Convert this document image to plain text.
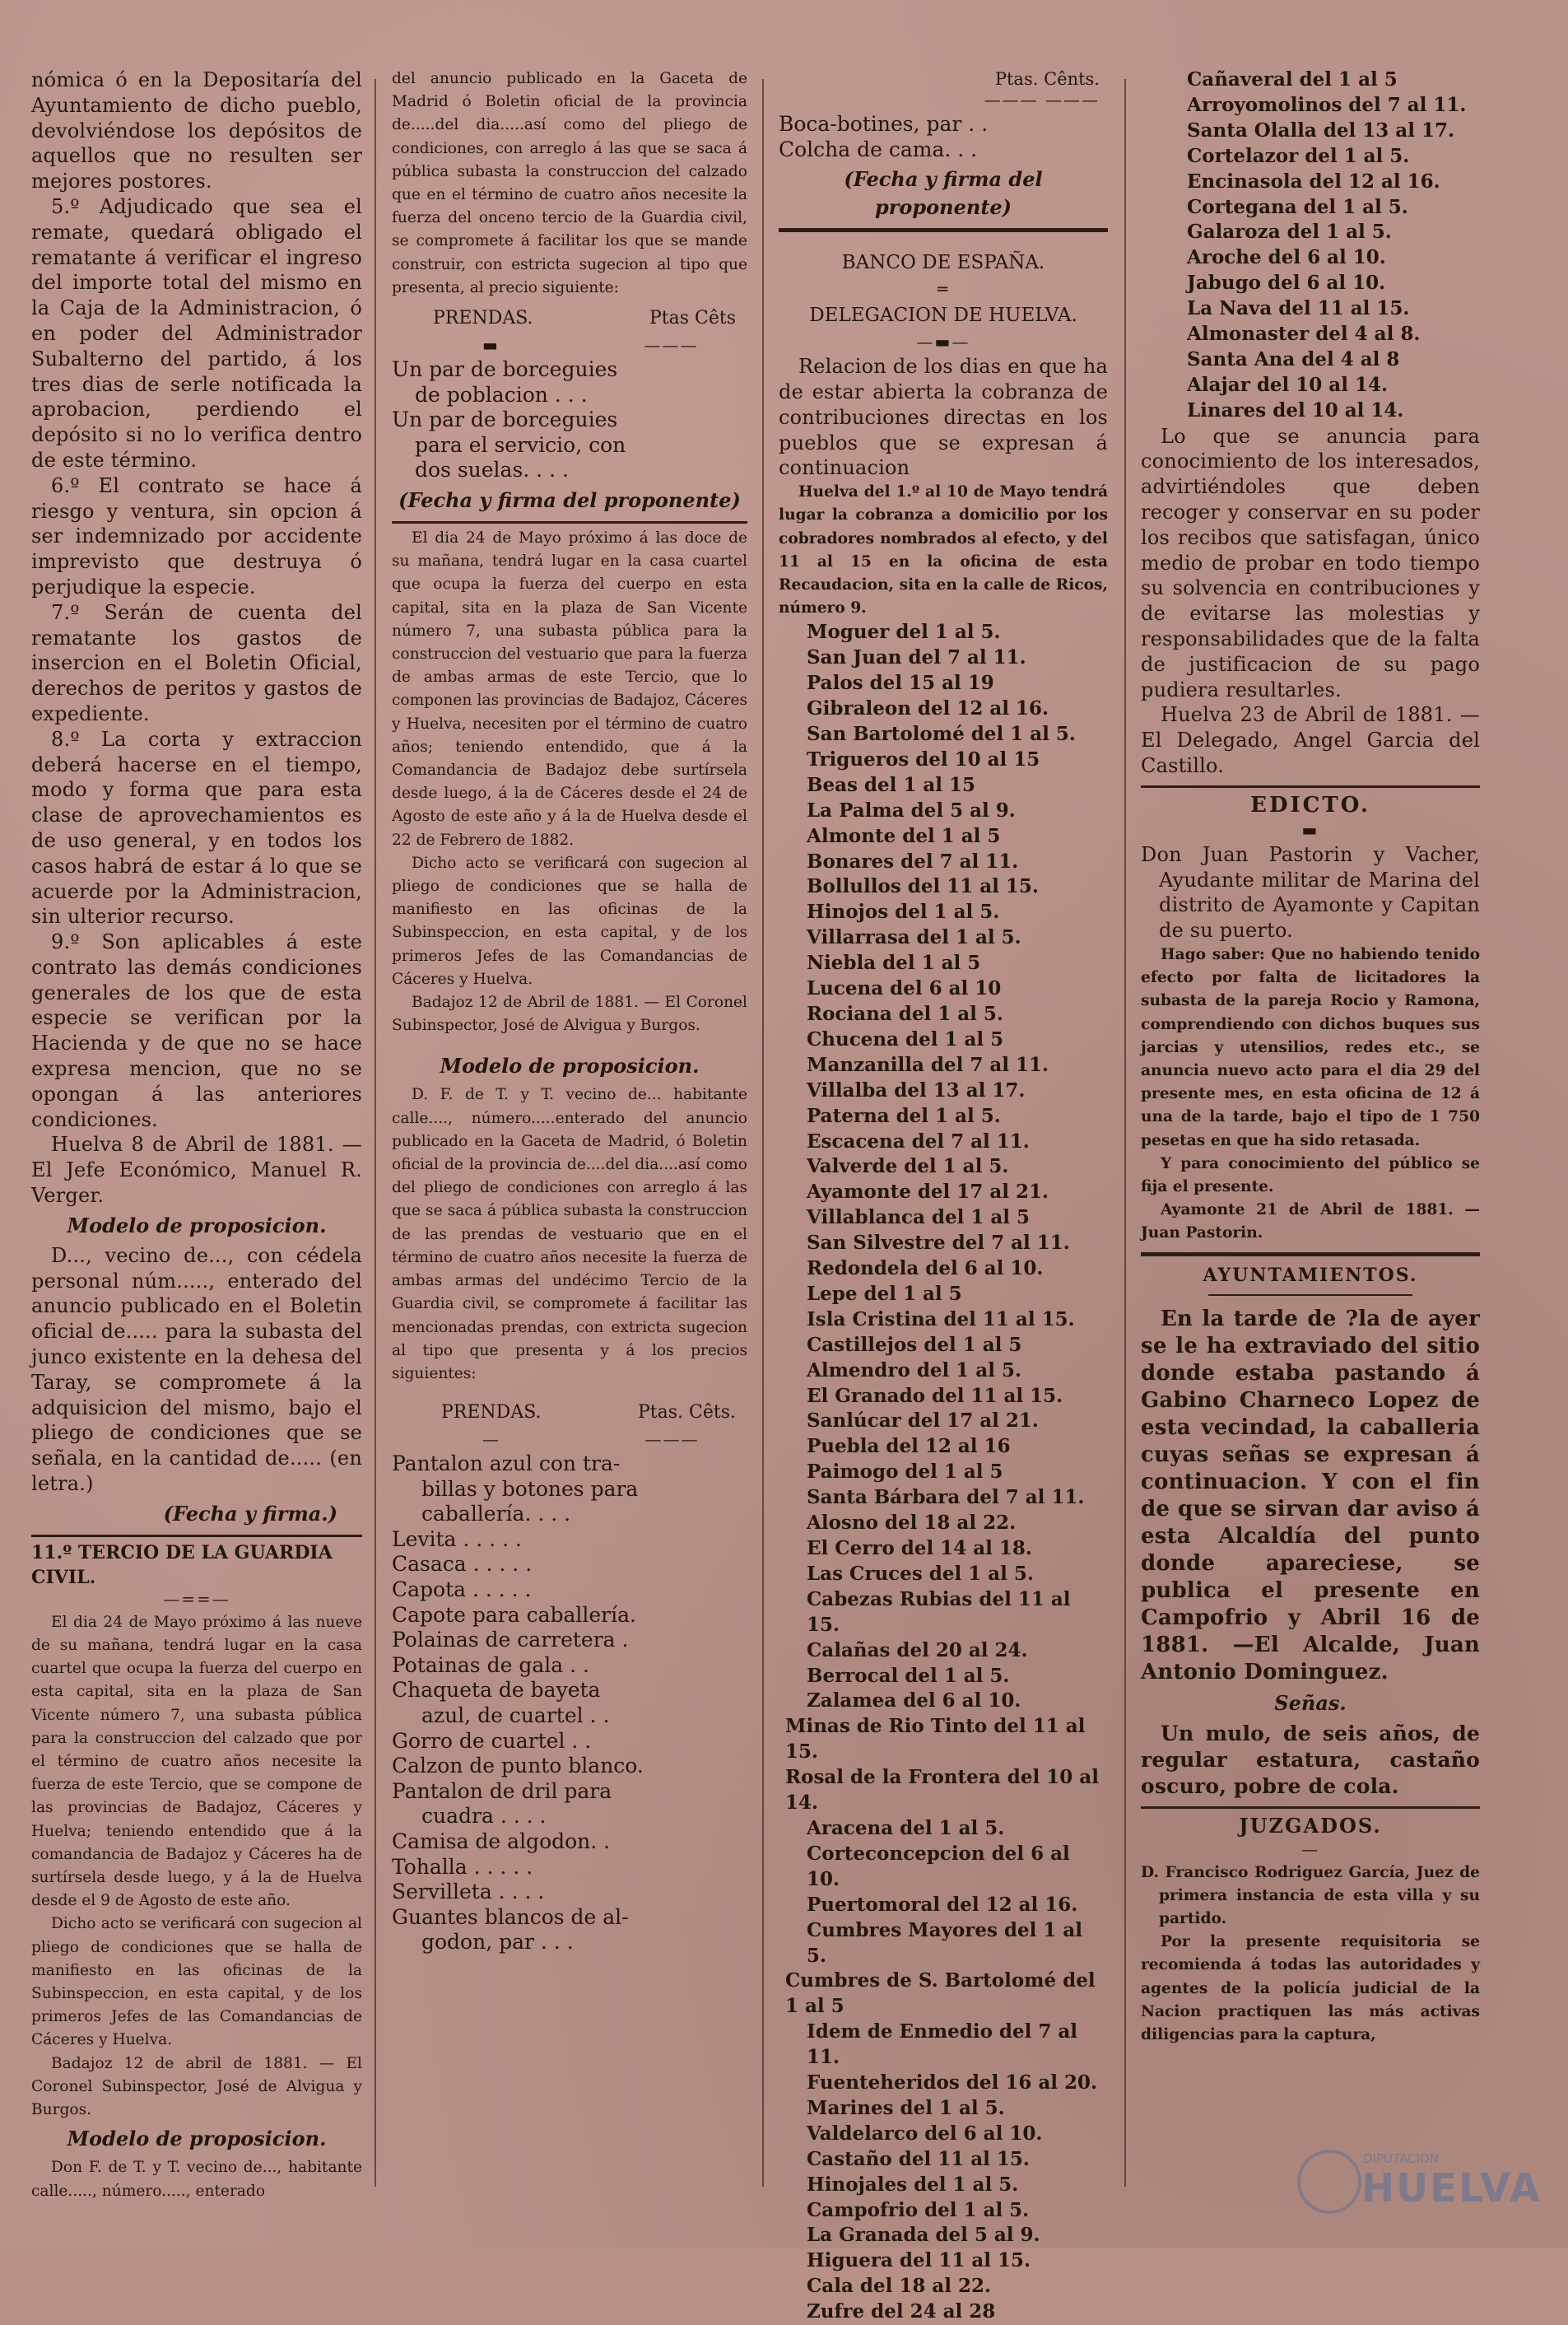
nómica ó en la Depositaría del Ayuntamiento de dicho pueblo, devolviéndose los depósitos de aquellos que no resulten ser mejores postores.

5.º Adjudicado que sea el remate, quedará obligado el rematante á verificar el ingreso del importe total del mismo en la Caja de la Administracion, ó en poder del Administrador Subalterno del partido, á los tres dias de serle notificada la aprobacion, perdiendo el depósito si no lo verifica dentro de este término.

6.º El contrato se hace á riesgo y ventura, sin opcion á ser indemnizado por accidente imprevisto que destruya ó perjudique la especie.

7.º Serán de cuenta del rematante los gastos de insercion en el Boletin Oficial, derechos de peritos y gastos de expediente.

8.º La corta y extraccion deberá hacerse en el tiempo, modo y forma que para esta clase de aprovechamientos es de uso general, y en todos los casos habrá de estar á lo que se acuerde por la Administracion, sin ulterior recurso.

9.º Son aplicables á este contrato las demás condiciones generales de los que de esta especie se verifican por la Hacienda y de que no se hace expresa mencion, que no se opongan á las anteriores condiciones.

Huelva 8 de Abril de 1881. — El Jefe Económico, Manuel R. Verger.

Modelo de proposicion.

D..., vecino de..., con cédela personal núm....., enterado del anuncio publicado en el Boletin oficial de..... para la subasta del junco existente en la dehesa del Taray, se compromete á la adquisicion del mismo, bajo el pliego de condiciones que se señala, en la cantidad de..... (en letra.)

(Fecha y firma.)
11.º TERCIO DE LA GUARDIA CIVIL.
—==—

El dia 24 de Mayo próximo á las nueve de su mañana, tendrá lugar en la casa cuartel que ocupa la fuerza del cuerpo en esta capital, sita en la plaza de San Vicente número 7, una subasta pública para la construccion del calzado que por el término de cuatro años necesite la fuerza de este Tercio, que se compone de las provincias de Badajoz, Cáceres y Huelva; teniendo entendido que á la comandancia de Badajoz y Cáceres ha de surtírsela desde luego, y á la de Huelva desde el 9 de Agosto de este año.

Dicho acto se verificará con sugecion al pliego de condiciones que se halla de manifiesto en las oficinas de la Subinspeccion, en esta capital, y de los primeros Jefes de las Comandancias de Cáceres y Huelva.

Badajoz 12 de abril de 1881. — El Coronel Subinspector, José de Alvigua y Burgos.

Modelo de proposicion.

Don F. de T. y T. vecino de..., habitante calle....., número....., enterado

del anuncio publicado en la Gaceta de Madrid ó Boletin oficial de la provincia de.....del dia.....así como del pliego de condiciones, con arreglo á las que se saca á pública subasta la construccion del calzado que en el término de cuatro años necesite la fuerza del onceno tercio de la Guardia civil, se compromete á facilitar los que se mande construir, con estricta sugecion al tipo que presenta, al precio siguiente:

PRENDAS.	Ptas Cêts
▬                     ———

Un par de borceguies

de poblacion . . .

Un par de borceguies

para el servicio, con

dos suelas. . . .

(Fecha y firma del proponente)

El dia 24 de Mayo próximo á las doce de su mañana, tendrá lugar en la casa cuartel que ocupa la fuerza del cuerpo en esta capital, sita en la plaza de San Vicente número 7, una subasta pública para la construccion del vestuario que para la fuerza de ambas armas de este Tercio, que lo componen las provincias de Badajoz, Cáceres y Huelva, necesiten por el término de cuatro años; teniendo entendido, que á la Comandancia de Badajoz debe surtírsela desde luego, á la de Cáceres desde el 24 de Agosto de este año y á la de Huelva desde el 22 de Febrero de 1882.

Dicho acto se verificará con sugecion al pliego de condiciones que se halla de manifiesto en las oficinas de la Subinspeccion, en esta capital, y de los primeros Jefes de las Comandancias de Cáceres y Huelva.

Badajoz 12 de Abril de 1881. — El Coronel Subinspector, José de Alvigua y Burgos.

Modelo de proposicion.

D. F. de T. y T. vecino de... habitante calle...., número.....enterado del anuncio publicado en la Gaceta de Madrid, ó Boletin oficial de la provincia de....del dia....así como del pliego de condiciones con arreglo á las que se saca á pública subasta la construccion de las prendas de vestuario que en el término de cuatro años necesite la fuerza de ambas armas del undécimo Tercio de la Guardia civil, se compromete á facilitar las mencionadas prendas, con extricta sugecion al tipo que presenta y á los precios siguientes:

PRENDAS.	Ptas. Cêts.
—                     ———

Pantalon azul con tra-

billas y botones para

caballería. . . .

Levita . . . . .

Casaca . . . . .

Capota . . . . .

Capote para caballería.

Polainas de carretera .

Potainas de gala . .

Chaqueta de bayeta

azul, de cuartel . .

Gorro de cuartel . .

Calzon de punto blanco.

Pantalon de dril para

cuadra . . . .

Camisa de algodon. .

Tohalla . . . . .

Servilleta . . . .

Guantes blancos de al-

godon, par . . .

Ptas. Cênts.
——— ———

Boca-botines, par . .

Colcha de cama. . .

(Fecha y firma del proponente)
BANCO DE ESPAÑA.
═
DELEGACION DE HUELVA.
—▬—

Relacion de los dias en que ha de estar abierta la cobranza de contribuciones directas en los pueblos que se expresan á continuacion

Huelva del 1.º al 10 de Mayo tendrá lugar la cobranza a domicilio por los cobradores nombrados al efecto, y del 11 al 15 en la oficina de esta Recaudacion, sita en la calle de Ricos, número 9.

Moguer del 1 al 5.

San Juan del 7 al 11.

Palos del 15 al 19

Gibraleon del 12 al 16.

San Bartolomé del 1 al 5.

Trigueros del 10 al 15

Beas del 1 al 15

La Palma del 5 al 9.

Almonte del 1 al 5

Bonares del 7 al 11.

Bollullos del 11 al 15.

Hinojos del 1 al 5.

Villarrasa del 1 al 5.

Niebla del 1 al 5

Lucena del 6 al 10

Rociana del 1 al 5.

Chucena del 1 al 5

Manzanilla del 7 al 11.

Villalba del 13 al 17.

Paterna del 1 al 5.

Escacena del 7 al 11.

Valverde del 1 al 5.

Ayamonte del 17 al 21.

Villablanca del 1 al 5

San Silvestre del 7 al 11.

Redondela del 6 al 10.

Lepe del 1 al 5

Isla Cristina del 11 al 15.

Castillejos del 1 al 5

Almendro del 1 al 5.

El Granado del 11 al 15.

Sanlúcar del 17 al 21.

Puebla del 12 al 16

Paimogo del 1 al 5

Santa Bárbara del 7 al 11.

Alosno del 18 al 22.

El Cerro del 14 al 18.

Las Cruces del 1 al 5.

Cabezas Rubias del 11 al 15.

Calañas del 20 al 24.

Berrocal del 1 al 5.

Zalamea del 6 al 10.

Minas de Rio Tinto del 11 al 15.

Rosal de la Frontera del 10 al 14.

Aracena del 1 al 5.

Corteconcepcion del 6 al 10.

Puertomoral del 12 al 16.

Cumbres Mayores del 1 al 5.

Cumbres de S. Bartolomé del 1 al 5

Idem de Enmedio del 7 al 11.

Fuenteheridos del 16 al 20.

Marines del 1 al 5.

Valdelarco del 6 al 10.

Castaño del 11 al 15.

Hinojales del 1 al 5.

Campofrio del 1 al 5.

La Granada del 5 al 9.

Higuera del 11 al 15.

Cala del 18 al 22.

Zufre del 24 al 28

Cañaveral del 1 al 5

Arroyomolinos del 7 al 11.

Santa Olalla del 13 al 17.

Cortelazor del 1 al 5.

Encinasola del 12 al 16.

Cortegana del 1 al 5.

Galaroza del 1 al 5.

Aroche del 6 al 10.

Jabugo del 6 al 10.

La Nava del 11 al 15.

Almonaster del 4 al 8.

Santa Ana del 4 al 8

Alajar del 10 al 14.

Linares del 10 al 14.

Lo que se anuncia para conocimiento de los interesados, advirtiéndoles que deben recoger y conservar en su poder los recibos que satisfagan, único medio de probar en todo tiempo su solvencia en contribuciones y de evitarse las molestias y responsabilidades que de la falta de justificacion de su pago pudiera resultarles.

Huelva 23 de Abril de 1881. —El Delegado, Angel Garcia del Castillo.

EDICTO.
▬

Don Juan Pastorin y Vacher, Ayudante militar de Marina del distrito de Ayamonte y Capitan de su puerto.

Hago saber: Que no habiendo tenido efecto por falta de licitadores la subasta de la pareja Rocio y Ramona, comprendiendo con dichos buques sus jarcias y utensilios, redes etc., se anuncia nuevo acto para el dia 29 del presente mes, en esta oficina de 12 á una de la tarde, bajo el tipo de 1 750 pesetas en que ha sido retasada.

Y para conocimiento del público se fija el presente.

Ayamonte 21 de Abril de 1881. —Juan Pastorin.

AYUNTAMIENTOS.

En la tarde de ?la de ayer se le ha extraviado del sitio donde estaba pastando á Gabino Charneco Lopez de esta vecindad, la caballeria cuyas señas se expresan á continuacion. Y con el fin de que se sirvan dar aviso á esta Alcaldía del punto donde apareciese, se publica el presente en Campofrio y Abril 16 de 1881. —El Alcalde, Juan Antonio Dominguez.

Señas.

Un mulo, de seis años, de regular estatura, castaño oscuro, pobre de cola.

JUZGADOS.
—

D. Francisco Rodriguez García, Juez de primera instancia de esta villa y su partido.

Por la presente requisitoria se recomienda á todas las autoridades y agentes de la policía judicial de la Nacion practiquen las más activas diligencias para la captura,

DIPUTACIÓN
HUELVA
